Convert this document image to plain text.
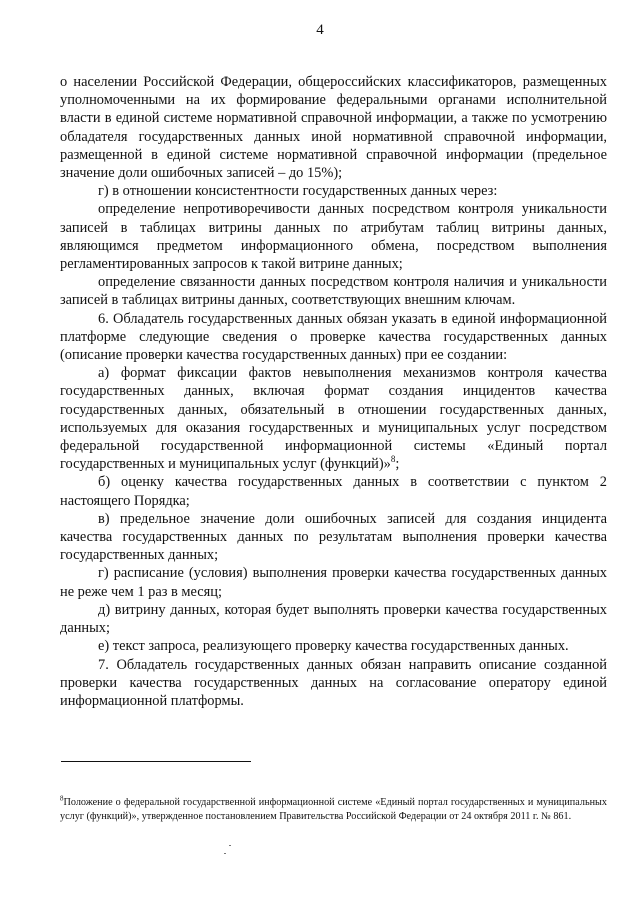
4

о населении Российской Федерации, общероссийских классификаторов, размещенных уполномоченными на их формирование федеральными органами исполнительной власти в единой системе нормативной справочной информации, а также по усмотрению обладателя государственных данных иной нормативной справочной информации, размещенной в единой системе нормативной справочной информации (предельное значение доли ошибочных записей – до 15%);

г) в отношении консистентности государственных данных через:

определение непротиворечивости данных посредством контроля уникальности записей в таблицах витрины данных по атрибутам таблиц витрины данных, являющимся предметом информационного обмена, посредством выполнения регламентированных запросов к такой витрине данных;

определение связанности данных посредством контроля наличия и уникальности записей в таблицах витрины данных, соответствующих внешним ключам.

6. Обладатель государственных данных обязан указать в единой информационной платформе следующие сведения о проверке качества государственных данных (описание проверки качества государственных данных) при ее создании:

а) формат фиксации фактов невыполнения механизмов контроля качества государственных данных, включая формат создания инцидентов качества государственных данных, обязательный в отношении государственных данных, используемых для оказания государственных и муниципальных услуг посредством федеральной государственной информационной системы «Единый портал государственных и муниципальных услуг (функций)»$^8$;

б) оценку качества государственных данных в соответствии с пунктом 2 настоящего Порядка;

в) предельное значение доли ошибочных записей для создания инцидента качества государственных данных по результатам выполнения проверки качества государственных данных;

г) расписание (условия) выполнения проверки качества государственных данных не реже чем 1 раз в месяц;

д) витрину данных, которая будет выполнять проверки качества государственных данных;

е) текст запроса, реализующего проверку качества государственных данных.

7. Обладатель государственных данных обязан направить описание созданной проверки качества государственных данных на согласование оператору единой информационной платформы.

$^8$Положение о федеральной государственной информационной системе «Единый портал государственных и муниципальных услуг (функций)», утвержденное постановлением Правительства Российской Федерации от 24 октября 2011 г. № 861.
